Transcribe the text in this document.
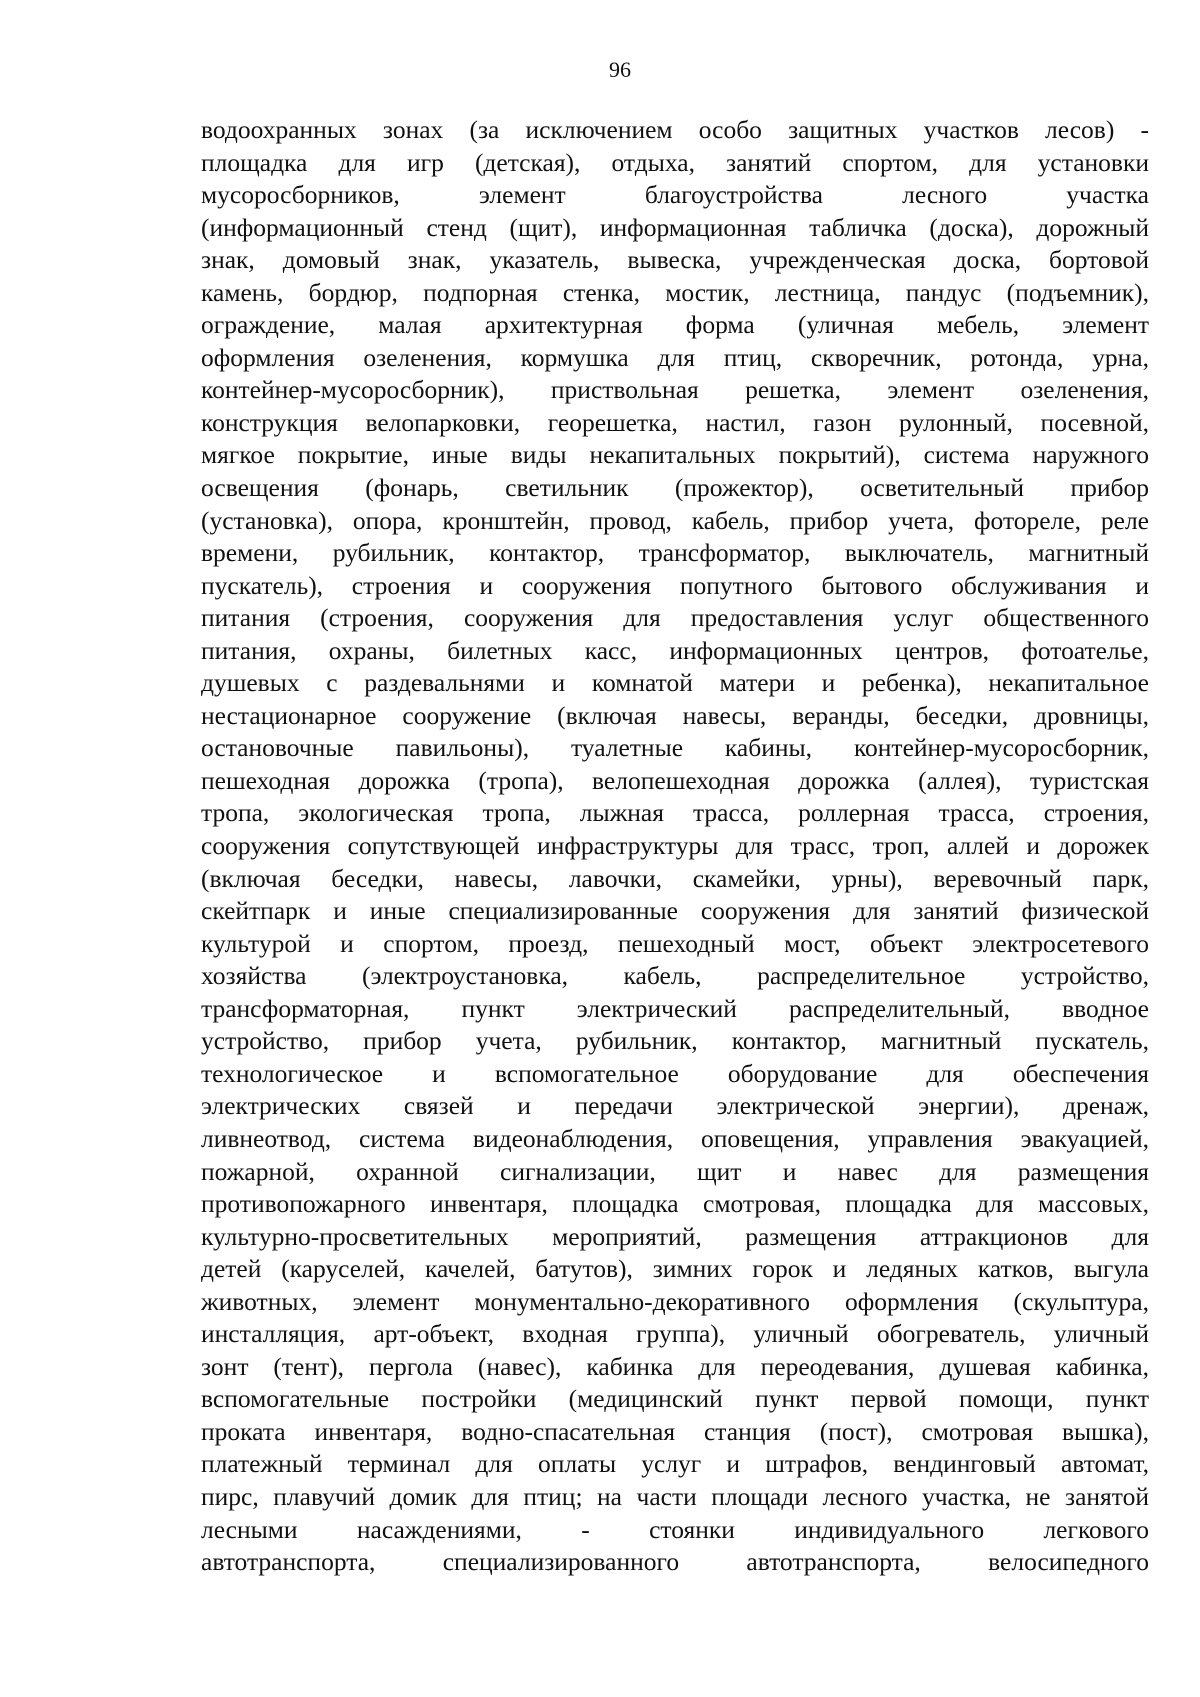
96
водоохранных зонах (за исключением особо защитных участков лесов) -
площадка для игр (детская), отдыха, занятий спортом, для установки
мусоросборников, элемент благоустройства лесного участка
(информационный стенд (щит), информационная табличка (доска), дорожный
знак, домовый знак, указатель, вывеска, учрежденческая доска, бортовой
камень, бордюр, подпорная стенка, мостик, лестница, пандус (подъемник),
ограждение, малая архитектурная форма (уличная мебель, элемент
оформления озеленения, кормушка для птиц, скворечник, ротонда, урна,
контейнер-мусоросборник), приствольная решетка, элемент озеленения,
конструкция велопарковки, георешетка, настил, газон рулонный, посевной,
мягкое покрытие, иные виды некапитальных покрытий), система наружного
освещения (фонарь, светильник (прожектор), осветительный прибор
(установка), опора, кронштейн, провод, кабель, прибор учета, фотореле, реле
времени, рубильник, контактор, трансформатор, выключатель, магнитный
пускатель), строения и сооружения попутного бытового обслуживания и
питания (строения, сооружения для предоставления услуг общественного
питания, охраны, билетных касс, информационных центров, фотоателье,
душевых с раздевальнями и комнатой матери и ребенка), некапитальное
нестационарное сооружение (включая навесы, веранды, беседки, дровницы,
остановочные павильоны), туалетные кабины, контейнер-мусоросборник,
пешеходная дорожка (тропа), велопешеходная дорожка (аллея), туристская
тропа, экологическая тропа, лыжная трасса, роллерная трасса, строения,
сооружения сопутствующей инфраструктуры для трасс, троп, аллей и дорожек
(включая беседки, навесы, лавочки, скамейки, урны), веревочный парк,
скейтпарк и иные специализированные сооружения для занятий физической
культурой и спортом, проезд, пешеходный мост, объект электросетевого
хозяйства (электроустановка, кабель, распределительное устройство,
трансформаторная, пункт электрический распределительный, вводное
устройство, прибор учета, рубильник, контактор, магнитный пускатель,
технологическое и вспомогательное оборудование для обеспечения
электрических связей и передачи электрической энергии), дренаж,
ливнеотвод, система видеонаблюдения, оповещения, управления эвакуацией,
пожарной, охранной сигнализации, щит и навес для размещения
противопожарного инвентаря, площадка смотровая, площадка для массовых,
культурно-просветительных мероприятий, размещения аттракционов для
детей (каруселей, качелей, батутов), зимних горок и ледяных катков, выгула
животных, элемент монументально-декоративного оформления (скульптура,
инсталляция, арт-объект, входная группа), уличный обогреватель, уличный
зонт (тент), пергола (навес), кабинка для переодевания, душевая кабинка,
вспомогательные постройки (медицинский пункт первой помощи, пункт
проката инвентаря, водно-спасательная станция (пост), смотровая вышка),
платежный терминал для оплаты услуг и штрафов, вендинговый автомат,
пирс, плавучий домик для птиц; на части площади лесного участка, не занятой
лесными насаждениями, - стоянки индивидуального легкового
автотранспорта, специализированного автотранспорта, велосипедного
